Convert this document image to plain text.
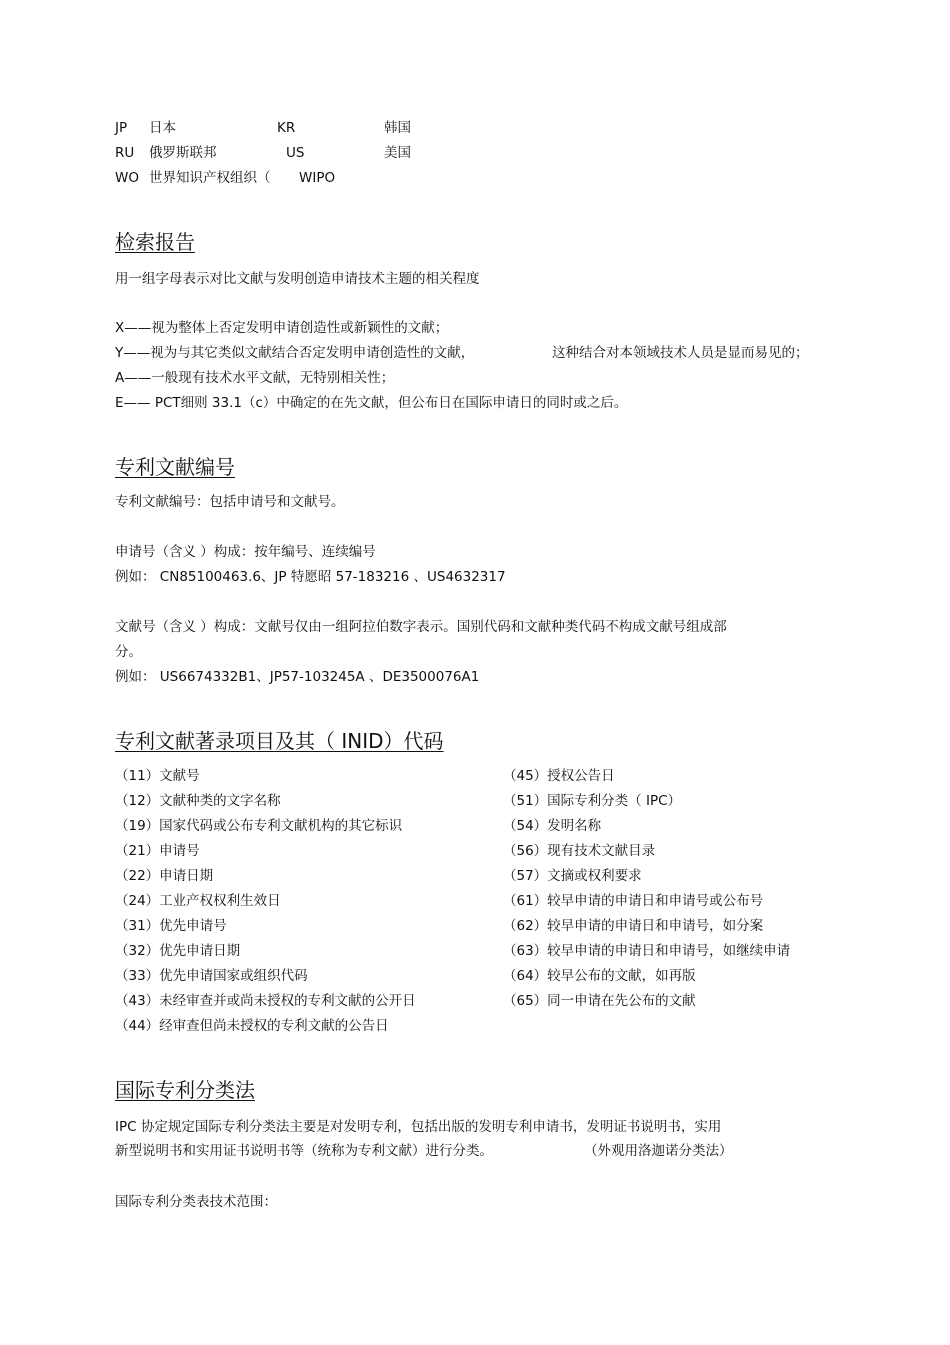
JP 日本	KR	韩国
RU 俄罗斯联邦	US	美国
WO 世界知识产权组织（ WIPO
检索报告
用一组字母表示对比文献与发明创造申请技术主题的相关程度
X——视为整体上否定发明申请创造性或新颖性的文献；
Y——视为与其它类似文献结合否定发明申请创造性的文献，	这种结合对本领域技术人员是显而易见的；
A——一般现有技术水平文献，无特别相关性；
E—— PCT细则 33.1（c）中确定的在先文献，但公布日在国际申请日的同时或之后。
专利文献编号
专利文献编号：包括申请号和文献号。
申请号（含义 ）构成：按年编号、连续编号
例如： CN85100463.6、JP 特愿昭 57-183216 、US4632317
文献号（含义 ）构成：文献号仅由一组阿拉伯数字表示。国别代码和文献种类代码不构成文献号组成部
分。
例如： US6674332B1、JP57-103245A 、DE3500076A1
专利文献著录项目及其（ INID）代码
（11）文献号
（12）文献种类的文字名称
（19）国家代码或公布专利文献机构的其它标识
（21）申请号
（22）申请日期
（24）工业产权权利生效日
（31）优先申请号
（32）优先申请日期
（33）优先申请国家或组织代码
（43）未经审查并或尚未授权的专利文献的公开日
（44）经审查但尚未授权的专利文献的公告日
（45）授权公告日
（51）国际专利分类（ IPC）
（54）发明名称
（56）现有技术文献目录
（57）文摘或权利要求
（61）较早申请的申请日和申请号或公布号
（62）较早申请的申请日和申请号，如分案
（63）较早申请的申请日和申请号，如继续申请
（64）较早公布的文献，如再版
（65）同一申请在先公布的文献
国际专利分类法
IPC 协定规定国际专利分类法主要是对发明专利，包括出版的发明专利申请书，发明证书说明书，实用
新型说明书和实用证书说明书等（统称为专利文献）进行分类。	（外观用洛迦诺分类法）
国际专利分类表技术范围：
